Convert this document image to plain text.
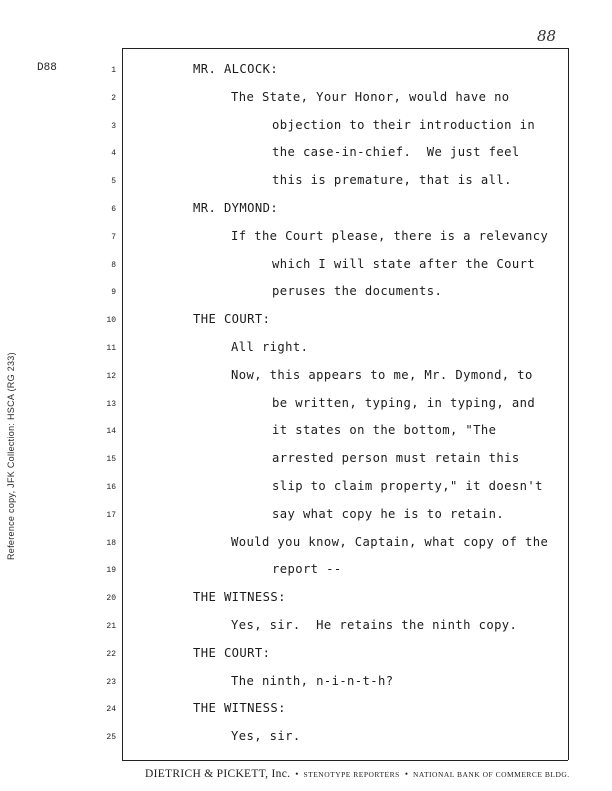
Reference copy, JFK Collection: HSCA (RG 233)
D88
88
1	MR. ALCOCK:
2	The State, Your Honor, would have no
3	objection to their introduction in
4	the case-in-chief.  We just feel
5	this is premature, that is all.
6	MR. DYMOND:
7	If the Court please, there is a relevancy
8	which I will state after the Court
9	peruses the documents.
10	THE COURT:
11	All right.
12	Now, this appears to me, Mr. Dymond, to
13	be written, typing, in typing, and
14	it states on the bottom, "The
15	arrested person must retain this
16	slip to claim property," it doesn't
17	say what copy he is to retain.
18	Would you know, Captain, what copy of the
19	report --
20	THE WITNESS:
21	Yes, sir.  He retains the ninth copy.
22	THE COURT:
23	The ninth, n-i-n-t-h?
24	THE WITNESS:
25	Yes, sir.
DIETRICH & PICKETT, Inc. • STENOTYPE REPORTERS • NATIONAL BANK OF COMMERCE BLDG.
